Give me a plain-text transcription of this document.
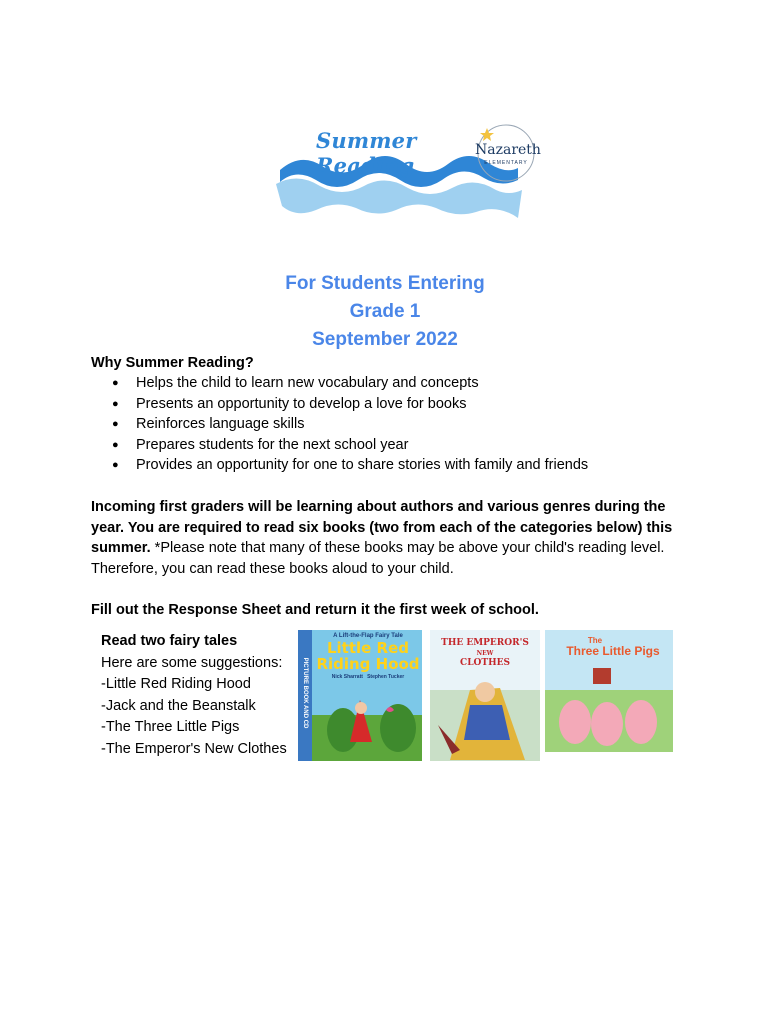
Summer Reading
Nazareth
ELEMENTARY
For Students Entering
Grade 1
September 2022
Why Summer Reading?
● Helps the child to learn new vocabulary and concepts
● Presents an opportunity to develop a love for books
● Reinforces language skills
● Prepares students for the next school year
● Provides an opportunity for one to share stories with family and friends
Incoming first graders will be learning about authors and various genres during the year. You are required to read six books (two from each of the categories below) this summer. *Please note that many of these books may be above your child's reading level. Therefore, you can read these books aloud to your child.
Fill out the Response Sheet and return it the first week of school.
Read two fairy tales
Here are some suggestions:
-Little Red Riding Hood
-Jack and the Beanstalk
-The Three Little Pigs
-The Emperor's New Clothes
A Lift-the-Flap Fairy Tale
Little Red Riding Hood
Nick Sharratt   Stephen Tucker
PICTURE BOOK AND CD
THE EMPEROR'S
NEW
CLOTHES
The
Three Little Pigs
